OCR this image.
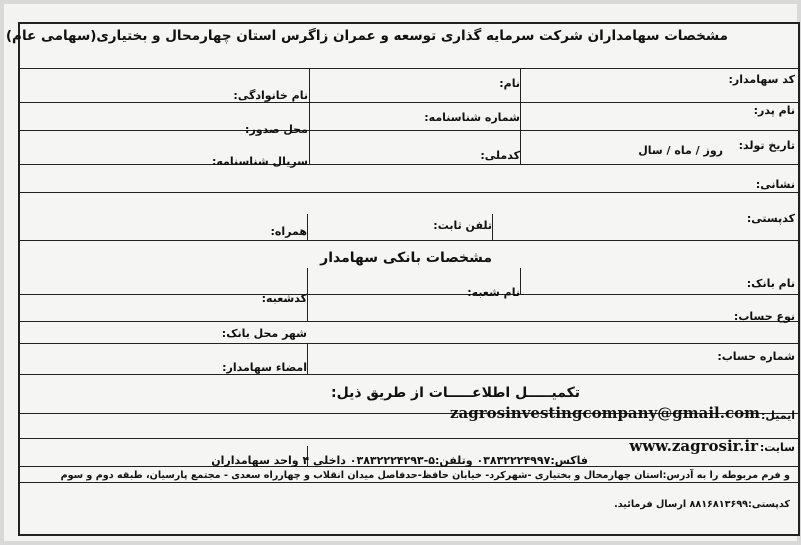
مشخصات سهامداران شرکت سرمایه گذاری توسعه و عمران زاگرس استان چهارمحال و بختیاری(سهامی عام)
کد سهامدار:
نام:
نام خانوادگی:
نام پدر:
شماره شناسنامه:
محل صدور:
تاریخ تولد:
روز / ماه / سال
کدملی:
سریال شناسنامه:
نشانی:
کدپستی:
تلفن ثابت:
همراه:
مشخصات بانکی سهامدار
نام بانک:
نام شعبه:
کدشعبه:
نوع حساب:
شهر محل بانک:
شماره حساب:
امضاء سهامدار:
تکمیـــــل اطلاعـــــات از طریق ذیل:
ایمیل:
zagrosinvestingcompany@gmail.com
سایت:
www.zagrosir.ir
فاکس:۰۳۸۳۲۲۲۴۹۹۷ وتلفن:۵-۰۳۸۳۲۲۲۴۲۹۳ داخلی ۴ واحد سهامداران
و فرم مربوطه را به آدرس:استان چهارمحال و بختیاری -شهرکرد- خیابان حافظ-حدفاصل میدان انقلاب و چهارراه سعدی - مجتمع پارسیان، طبقه دوم و سوم
کدپستی:۸۸۱۶۸۱۳۶۹۹ ارسال فرمائید.
